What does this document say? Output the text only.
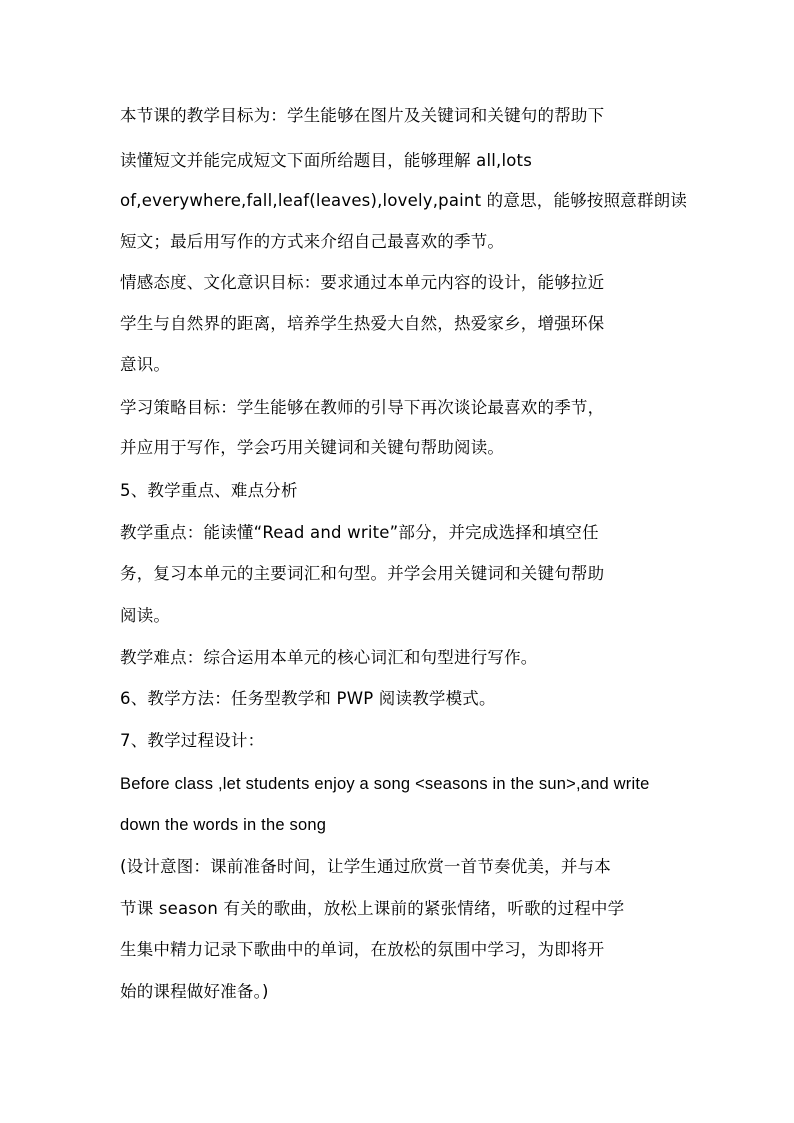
本节课的教学目标为：学生能够在图片及关键词和关键句的帮助下
读懂短文并能完成短文下面所给题目，能够理解 all,lots
of,everywhere,fall,leaf(leaves),lovely,paint 的意思，能够按照意群朗读
短文；最后用写作的方式来介绍自己最喜欢的季节。
情感态度、文化意识目标：要求通过本单元内容的设计，能够拉近
学生与自然界的距离，培养学生热爱大自然，热爱家乡，增强环保
意识。
学习策略目标：学生能够在教师的引导下再次谈论最喜欢的季节，
并应用于写作，学会巧用关键词和关键句帮助阅读。
5、教学重点、难点分析
教学重点：能读懂“Read and write”部分，并完成选择和填空任
务，复习本单元的主要词汇和句型。并学会用关键词和关键句帮助
阅读。
教学难点：综合运用本单元的核心词汇和句型进行写作。
6、教学方法：任务型教学和 PWP 阅读教学模式。
7、教学过程设计：
Before class ,let students enjoy a song <seasons in the sun>,and write
down the words in the song
(设计意图：课前准备时间，让学生通过欣赏一首节奏优美，并与本
节课 season 有关的歌曲，放松上课前的紧张情绪，听歌的过程中学
生集中精力记录下歌曲中的单词，在放松的氛围中学习，为即将开
始的课程做好准备。)
